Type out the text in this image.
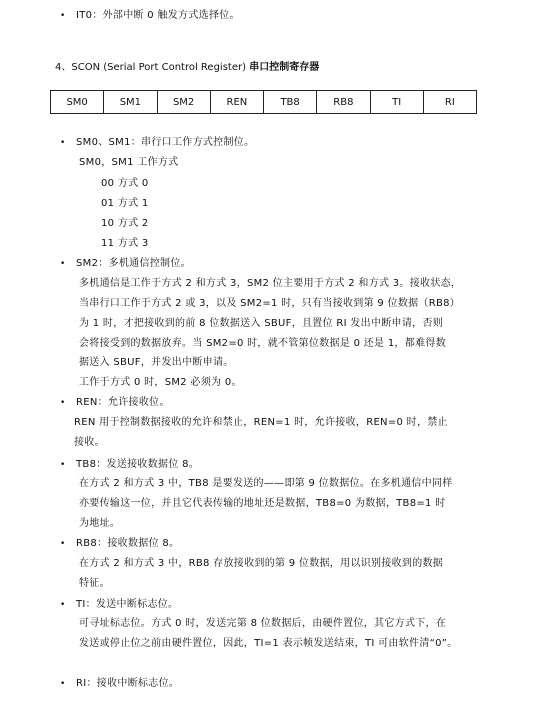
• IT0：外部中断 0 触发方式选择位。
4、SCON (Serial Port Control Register) 串口控制寄存器
SM0	SM1	SM2	REN	TB8	RB8	TI	RI
• SM0、SM1：串行口工作方式控制位。
SM0，SM1 工作方式
00 方式 0
01 方式 1
10 方式 2
11 方式 3
• SM2：多机通信控制位。
多机通信是工作于方式 2 和方式 3，SM2 位主要用于方式 2 和方式 3。接收状态，
当串行口工作于方式 2 或 3，以及 SM2=1 时，只有当接收到第 9 位数据（RB8）
为 1 时，才把接收到的前 8 位数据送入 SBUF，且置位 RI 发出中断申请，否则
会将接受到的数据放弃。当 SM2=0 时，就不管第位数据是 0 还是 1，都难得数
据送入 SBUF，并发出中断申请。
工作于方式 0 时，SM2 必须为 0。
• REN：允许接收位。
REN 用于控制数据接收的允许和禁止，REN=1 时，允许接收，REN=0 时，禁止
接收。
• TB8：发送接收数据位 8。
在方式 2 和方式 3 中，TB8 是要发送的——即第 9 位数据位。在多机通信中同样
亦要传输这一位，并且它代表传输的地址还是数据，TB8=0 为数据，TB8=1 时
为地址。
• RB8：接收数据位 8。
在方式 2 和方式 3 中，RB8 存放接收到的第 9 位数据，用以识别接收到的数据
特征。
• TI：发送中断标志位。
可寻址标志位。方式 0 时，发送完第 8 位数据后，由硬件置位，其它方式下，在
发送或停止位之前由硬件置位，因此，TI=1 表示帧发送结束，TI 可由软件清“0”。
• RI：接收中断标志位。
